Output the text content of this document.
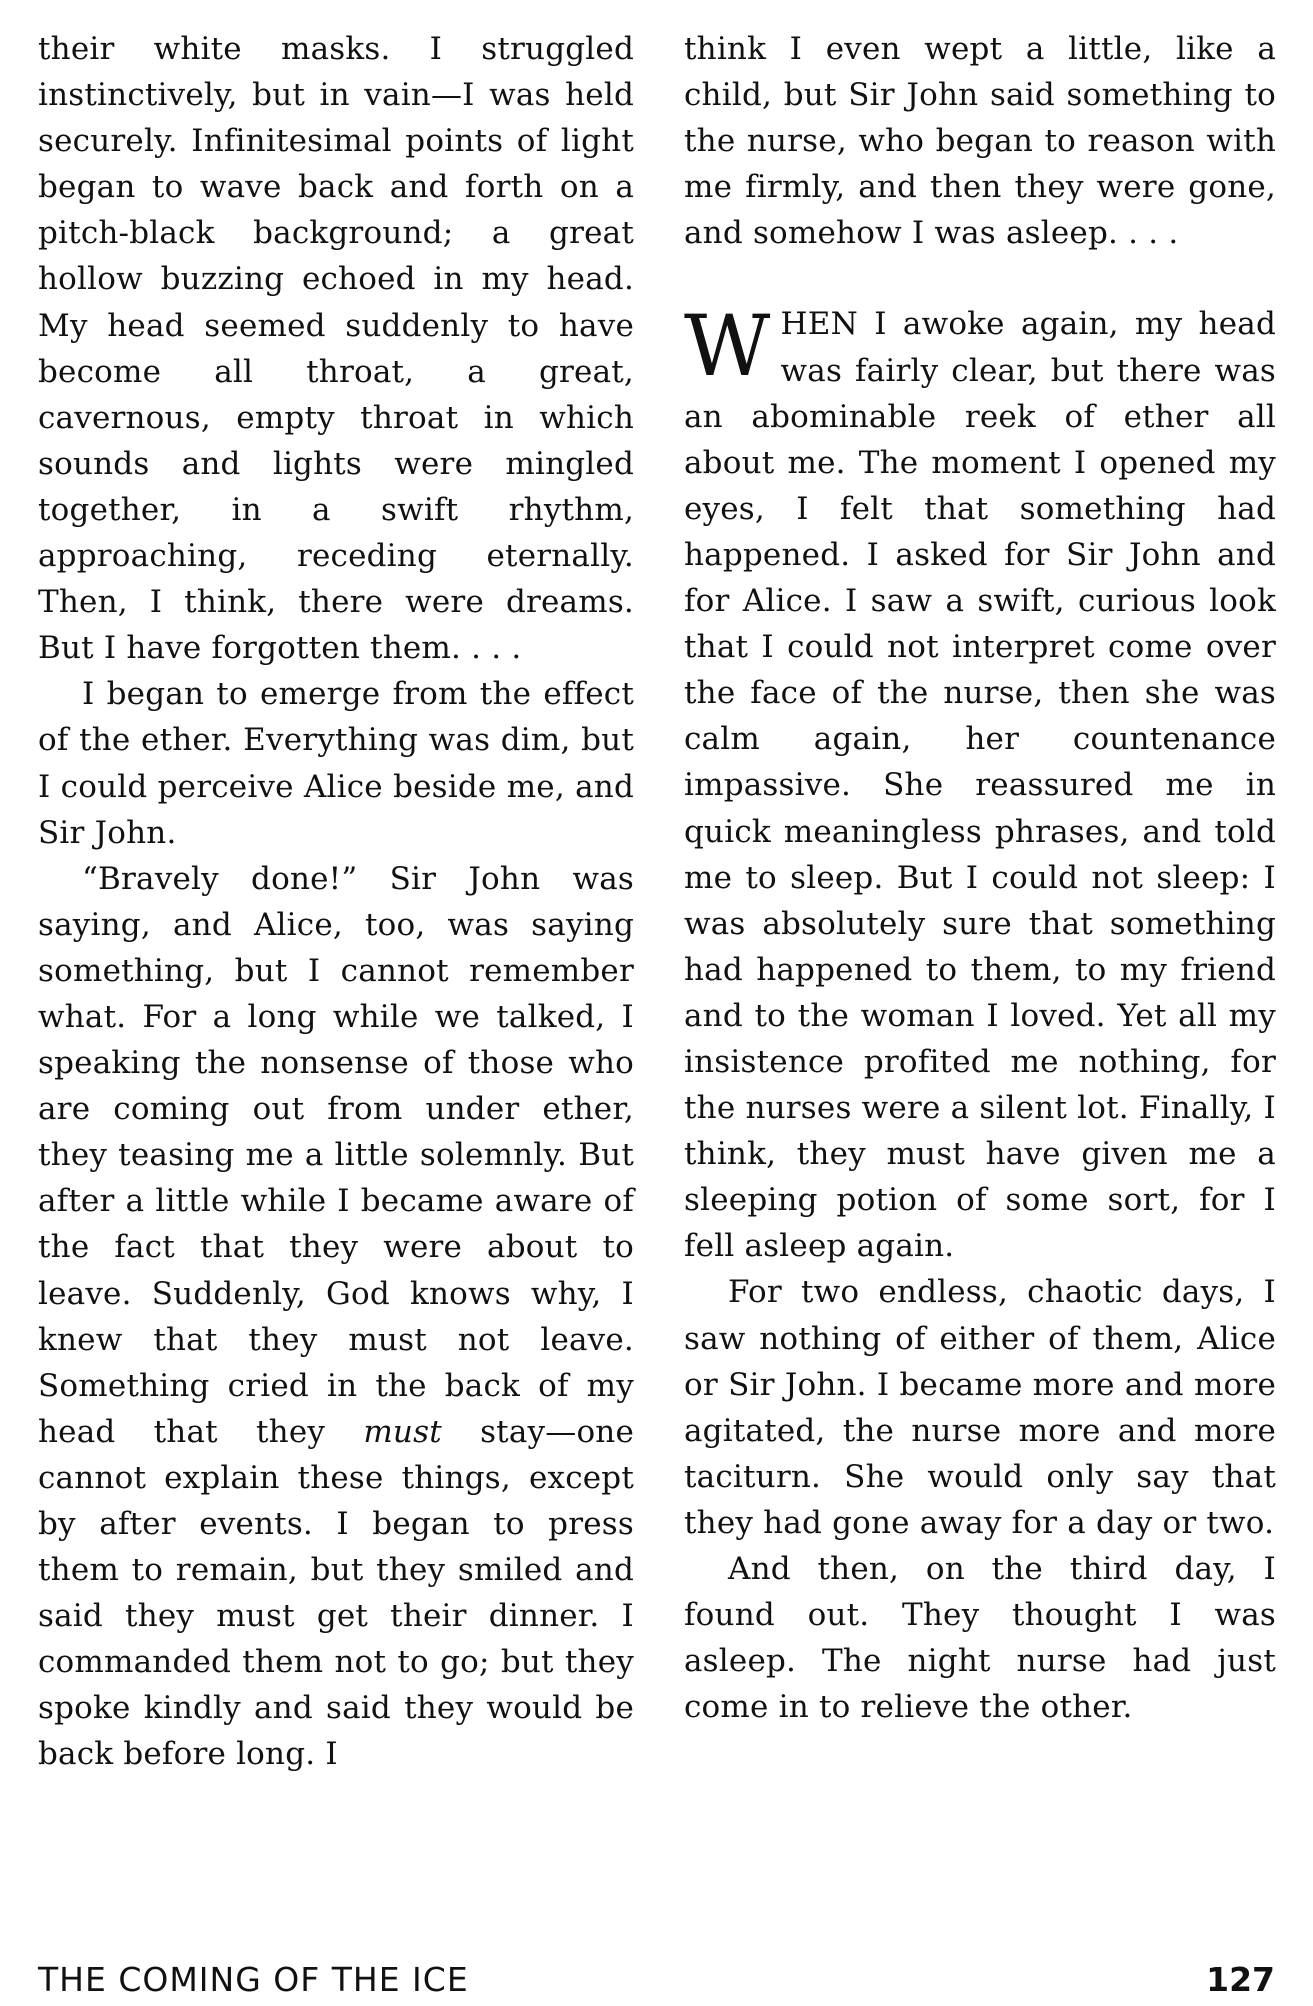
their white masks. I struggled instinctively, but in vain—I was held securely. Infinitesimal points of light began to wave back and forth on a pitch-black background; a great hollow buzzing echoed in my head. My head seemed suddenly to have become all throat, a great, cavernous, empty throat in which sounds and lights were mingled together, in a swift rhythm, approaching, receding eternally. Then, I think, there were dreams. But I have forgotten them. . . .

I began to emerge from the effect of the ether. Everything was dim, but I could perceive Alice beside me, and Sir John.

“Bravely done!” Sir John was saying, and Alice, too, was saying something, but I cannot remember what. For a long while we talked, I speaking the nonsense of those who are coming out from under ether, they teasing me a little solemnly. But after a little while I became aware of the fact that they were about to leave. Suddenly, God knows why, I knew that they must not leave. Something cried in the back of my head that they must stay—one cannot explain these things, except by after events. I began to press them to remain, but they smiled and said they must get their dinner. I commanded them not to go; but they spoke kindly and said they would be back before long. I

think I even wept a little, like a child, but Sir John said something to the nurse, who began to reason with me firmly, and then they were gone, and somehow I was asleep. . . .

WHEN I awoke again, my head was fairly clear, but there was an abominable reek of ether all about me. The moment I opened my eyes, I felt that something had happened. I asked for Sir John and for Alice. I saw a swift, curious look that I could not interpret come over the face of the nurse, then she was calm again, her countenance impassive. She reassured me in quick meaningless phrases, and told me to sleep. But I could not sleep: I was absolutely sure that something had happened to them, to my friend and to the woman I loved. Yet all my insistence profited me nothing, for the nurses were a silent lot. Finally, I think, they must have given me a sleeping potion of some sort, for I fell asleep again.

For two endless, chaotic days, I saw nothing of either of them, Alice or Sir John. I became more and more agitated, the nurse more and more taciturn. She would only say that they had gone away for a day or two.

And then, on the third day, I found out. They thought I was asleep. The night nurse had just come in to relieve the other.

THE COMING OF THE ICE	127
